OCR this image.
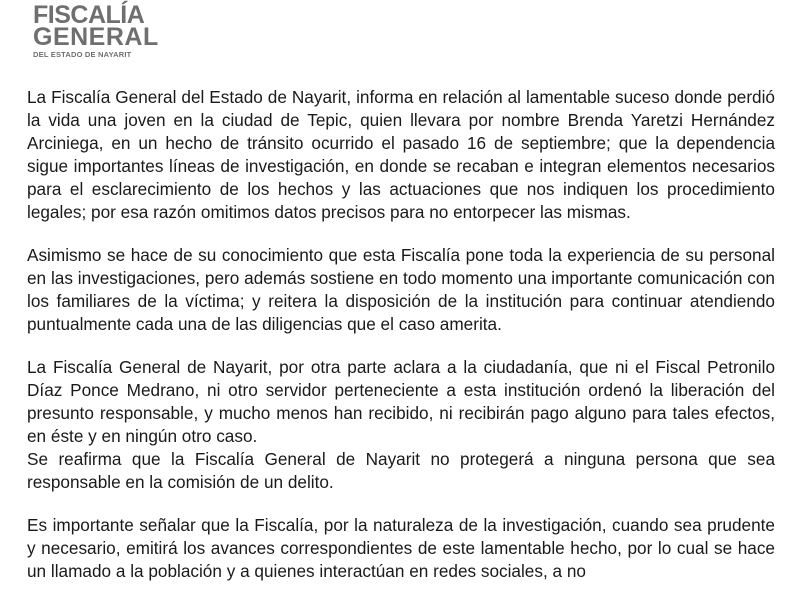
FISCALÍA
GENERAL
DEL ESTADO DE NAYARIT

La Fiscalía General del Estado de Nayarit, informa en relación al lamentable suceso donde perdió la vida una joven en la ciudad de Tepic, quien llevara por nombre Brenda Yaretzi Hernández Arciniega, en un hecho de tránsito ocurrido el pasado 16 de septiembre; que la dependencia sigue importantes líneas de investigación, en donde se recaban e integran elementos necesarios para el esclarecimiento de los hechos y las actuaciones que nos indiquen los procedimiento legales; por esa razón omitimos datos precisos para no entorpecer las mismas.

Asimismo se hace de su conocimiento que esta Fiscalía pone toda la experiencia de su personal en las investigaciones, pero además sostiene en todo momento una importante comunicación con los familiares de la víctima; y reitera la disposición de la institución para continuar atendiendo puntualmente cada una de las diligencias que el caso amerita.

La Fiscalía General de Nayarit, por otra parte aclara a la ciudadanía, que ni el Fiscal Petronilo Díaz Ponce Medrano, ni otro servidor perteneciente a esta institución ordenó la liberación del presunto responsable, y mucho menos han recibido, ni recibirán pago alguno para tales efectos, en éste y en ningún otro caso.

Se reafirma que la Fiscalía General de Nayarit no protegerá a ninguna persona que sea responsable en la comisión de un delito.

Es importante señalar que la Fiscalía, por la naturaleza de la investigación, cuando sea prudente y necesario, emitirá los avances correspondientes de este lamentable hecho, por lo cual se hace un llamado a la población y a quienes interactúan en redes sociales, a no
